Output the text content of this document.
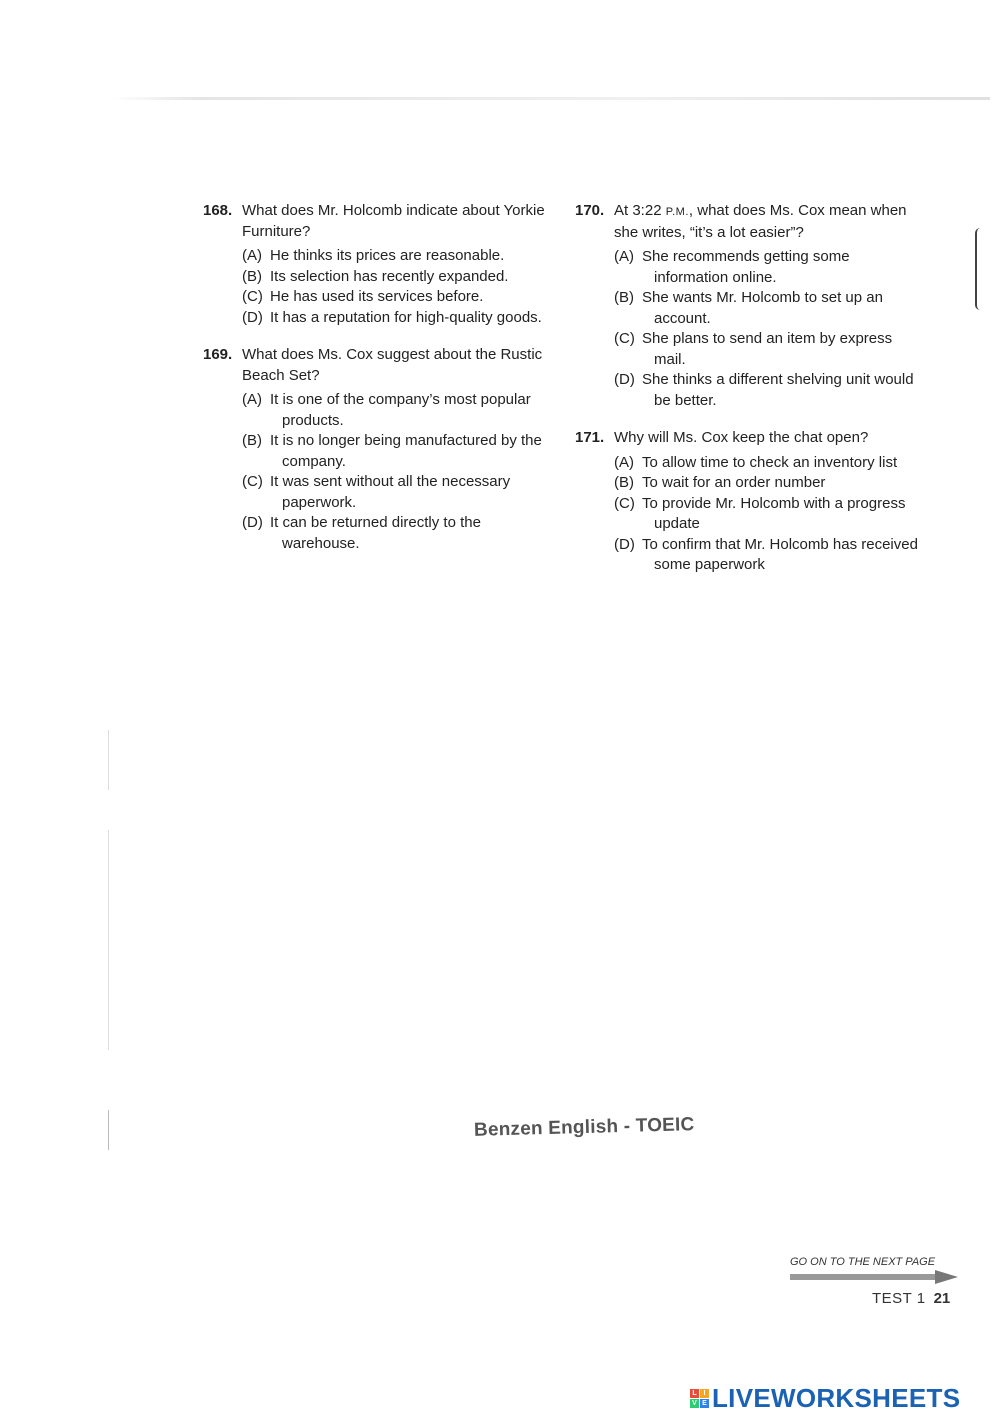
168. What does Mr. Holcomb indicate about Yorkie Furniture?
(A) He thinks its prices are reasonable.
(B) Its selection has recently expanded.
(C) He has used its services before.
(D) It has a reputation for high-quality goods.
169. What does Ms. Cox suggest about the Rustic Beach Set?
(A) It is one of the company’s most popular products.
(B) It is no longer being manufactured by the company.
(C) It was sent without all the necessary paperwork.
(D) It can be returned directly to the warehouse.
170. At 3:22 P.M., what does Ms. Cox mean when she writes, “it’s a lot easier”?
(A) She recommends getting some information online.
(B) She wants Mr. Holcomb to set up an account.
(C) She plans to send an item by express mail.
(D) She thinks a different shelving unit would be better.
171. Why will Ms. Cox keep the chat open?
(A) To allow time to check an inventory list
(B) To wait for an order number
(C) To provide Mr. Holcomb with a progress update
(D) To confirm that Mr. Holcomb has received some paperwork
Benzen English - TOEIC
GO ON TO THE NEXT PAGE
TEST 1 21
L I
V E LIVEWORKSHEETS
